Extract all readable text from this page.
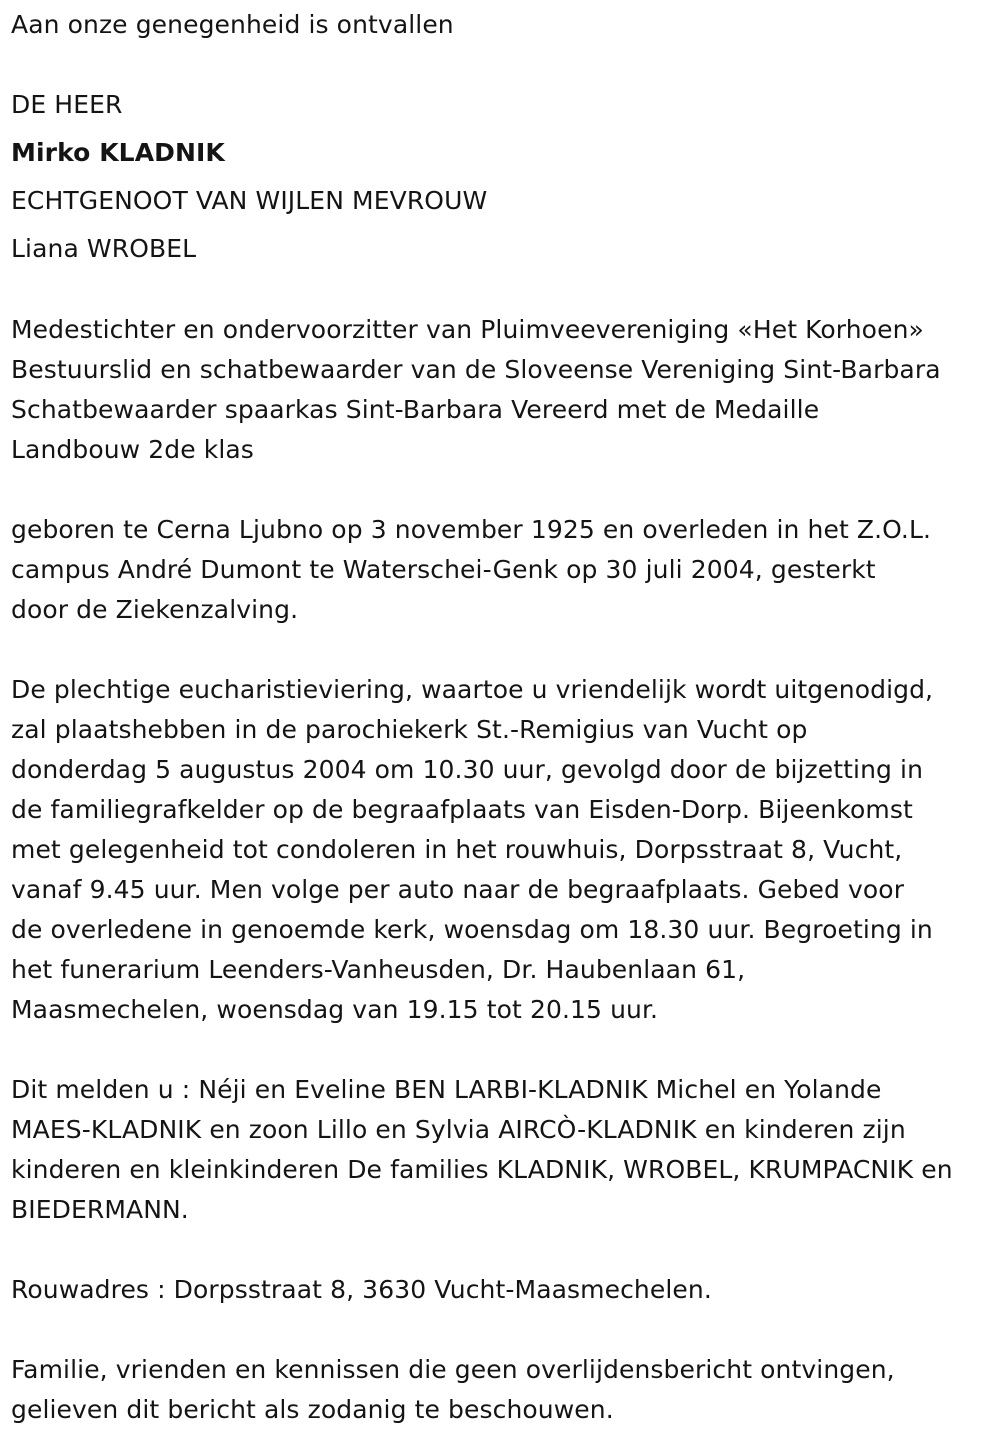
Aan onze genegenheid is ontvallen
DE HEER
Mirko KLADNIK
ECHTGENOOT VAN WIJLEN MEVROUW
Liana WROBEL
Medestichter en ondervoorzitter van Pluimveevereniging «Het Korhoen»
Bestuurslid en schatbewaarder van de Sloveense Vereniging Sint-Barbara
Schatbewaarder spaarkas Sint-Barbara Vereerd met de Medaille
Landbouw 2de klas
geboren te Cerna Ljubno op 3 november 1925 en overleden in het Z.O.L.
campus André Dumont te Waterschei-Genk op 30 juli 2004, gesterkt
door de Ziekenzalving.
De plechtige eucharistieviering, waartoe u vriendelijk wordt uitgenodigd,
zal plaatshebben in de parochiekerk St.-Remigius van Vucht op
donderdag 5 augustus 2004 om 10.30 uur, gevolgd door de bijzetting in
de familiegrafkelder op de begraafplaats van Eisden-Dorp. Bijeenkomst
met gelegenheid tot condoleren in het rouwhuis, Dorpsstraat 8, Vucht,
vanaf 9.45 uur. Men volge per auto naar de begraafplaats. Gebed voor
de overledene in genoemde kerk, woensdag om 18.30 uur. Begroeting in
het funerarium Leenders-Vanheusden, Dr. Haubenlaan 61,
Maasmechelen, woensdag van 19.15 tot 20.15 uur.
Dit melden u : Néji en Eveline BEN LARBI-KLADNIK Michel en Yolande
MAES-KLADNIK en zoon Lillo en Sylvia AIRCÒ-KLADNIK en kinderen zijn
kinderen en kleinkinderen De families KLADNIK, WROBEL, KRUMPACNIK en
BIEDERMANN.
Rouwadres : Dorpsstraat 8, 3630 Vucht-Maasmechelen.
Familie, vrienden en kennissen die geen overlijdensbericht ontvingen,
gelieven dit bericht als zodanig te beschouwen.
